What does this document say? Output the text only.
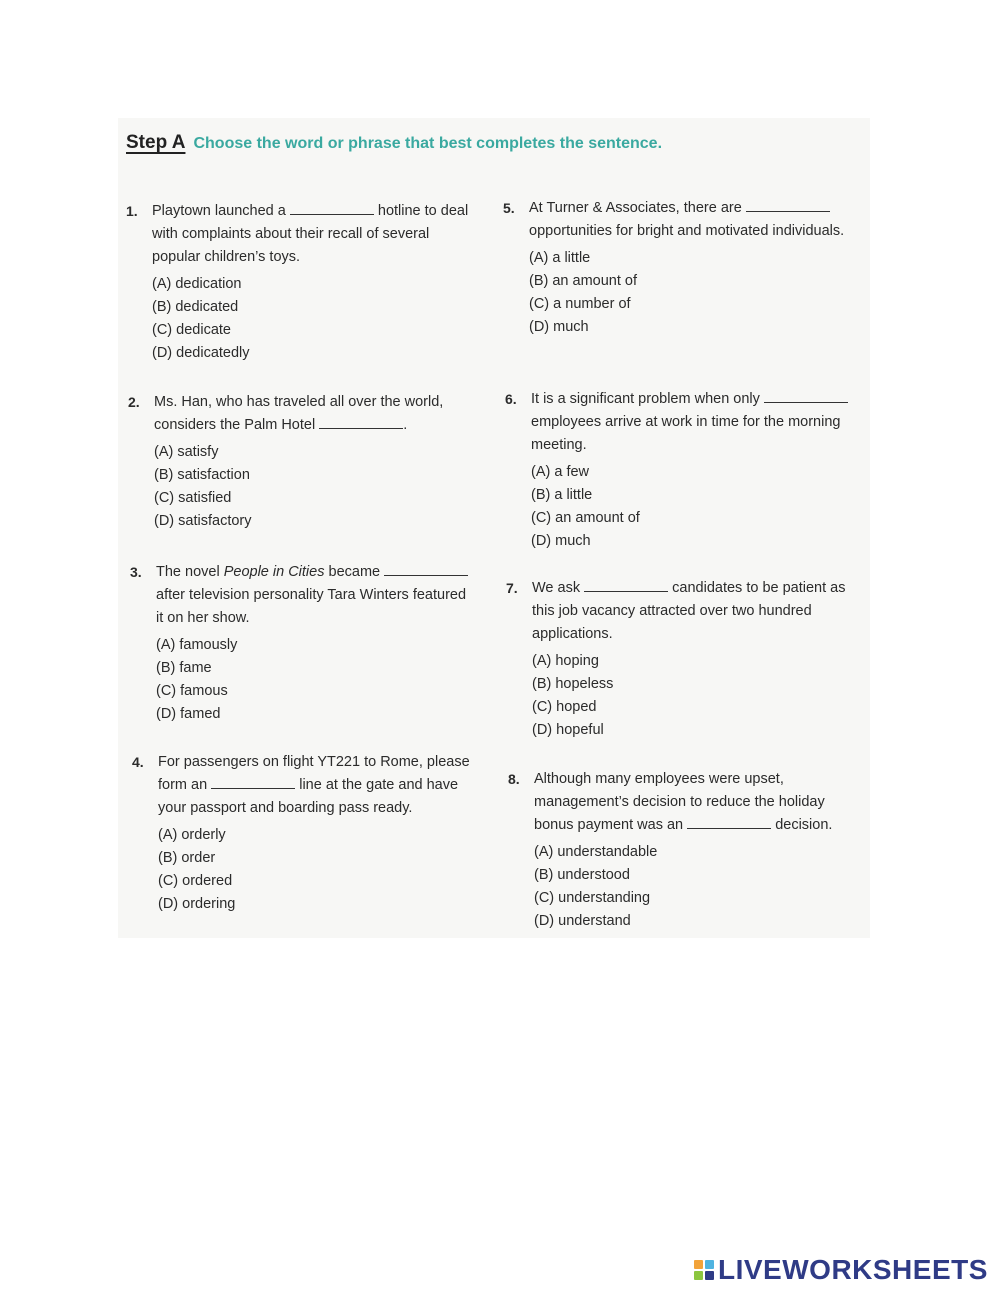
Step A Choose the word or phrase that best completes the sentence.
1. Playtown launched a	hotline to deal with complaints about their recall of several popular children’s toys.

(A) dedication
(B) dedicated
(C) dedicate
(D) dedicatedly
2. Ms. Han, who has traveled all over the world, considers the Palm Hotel	.

(A) satisfy
(B) satisfaction
(C) satisfied
(D) satisfactory
3. The novel People in Cities became  after television personality Tara Winters featured it on her show.

(A) famously
(B) fame
(C) famous
(D) famed
4. For passengers on flight YT221 to Rome, please form an	line at the gate and have your passport and boarding pass ready.

(A) orderly
(B) order
(C) ordered
(D) ordering
5. At Turner & Associates, there are  opportunities for bright and motivated individuals.

(A) a little
(B) an amount of
(C) a number of
(D) much
6. It is a significant problem when only  employees arrive at work in time for the morning meeting.

(A) a few
(B) a little
(C) an amount of
(D) much
7. We ask	candidates to be patient as this job vacancy attracted over two hundred applications.

(A) hoping
(B) hopeless
(C) hoped
(D) hopeful
8. Although many employees were upset, management’s decision to reduce the holiday bonus payment was an	decision.

(A) understandable
(B) understood
(C) understanding
(D) understand
LIVEWORKSHEETS
